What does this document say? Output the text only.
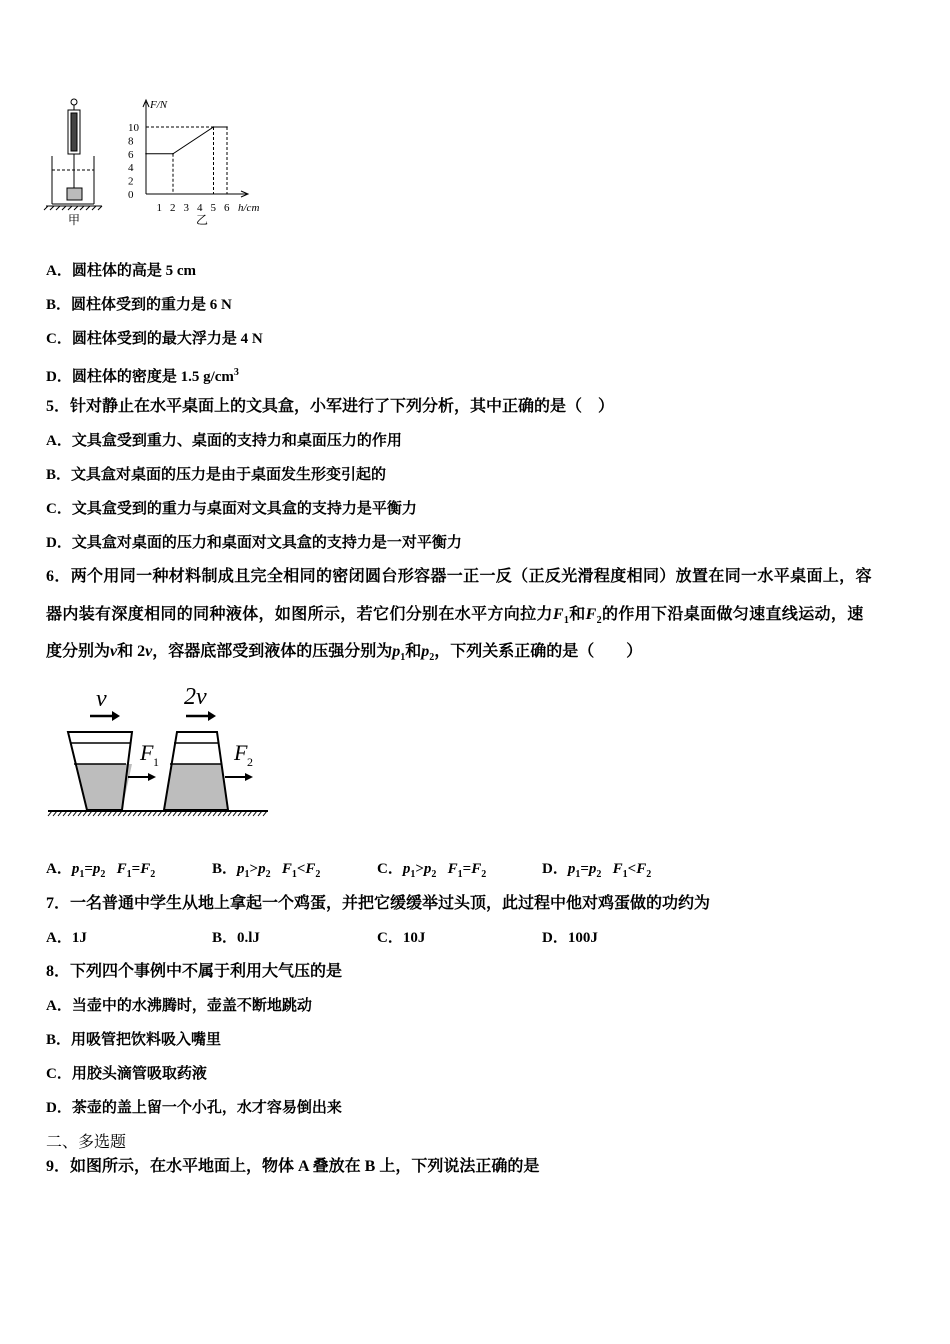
甲
F/N
h/cm
0
2
4
6
8
10
1 2 3 4 5 6
乙
A．圆柱体的高是 5 cm
B．圆柱体受到的重力是 6 N
C．圆柱体受到的最大浮力是 4 N
D．圆柱体的密度是 1.5 $g/cm^3$
5．针对静止在水平桌面上的文具盒，小军进行了下列分析，其中正确的是（　）
A．文具盒受到重力、桌面的支持力和桌面压力的作用
B．文具盒对桌面的压力是由于桌面发生形变引起的
C．文具盒受到的重力与桌面对文具盒的支持力是平衡力
D．文具盒对桌面的压力和桌面对文具盒的支持力是一对平衡力
6．两个用同一种材料制成且完全相同的密闭圆台形容器一正一反（正反光滑程度相同）放置在同一水平桌面上，容
器内装有深度相同的同种液体，如图所示，若它们分别在水平方向拉力$F_1$和$F_2$的作用下沿桌面做匀速直线运动，速
度分别为v和 2v，容器底部受到液体的压强分别为$p_1$和$p_2$，下列关系正确的是（　　）
v	2v
F 1	F 2
A．$p_1=p_2$ $F_1=F_2$	B．$p_1>p_2$ $F_1<F_2$	C．$p_1>p_2$ $F_1=F_2$	D．$p_1=p_2$ $F_1<F_2$
7．一名普通中学生从地上拿起一个鸡蛋，并把它缓缓举过头顶，此过程中他对鸡蛋做的功约为
A．1J	B．0.lJ	C．10J	D．100J
8．下列四个事例中不属于利用大气压的是
A．当壶中的水沸腾时，壶盖不断地跳动
B．用吸管把饮料吸入嘴里
C．用胶头滴管吸取药液
D．茶壶的盖上留一个小孔，水才容易倒出来
二、多选题
9．如图所示，在水平地面上，物体 A 叠放在 B 上，下列说法正确的是
